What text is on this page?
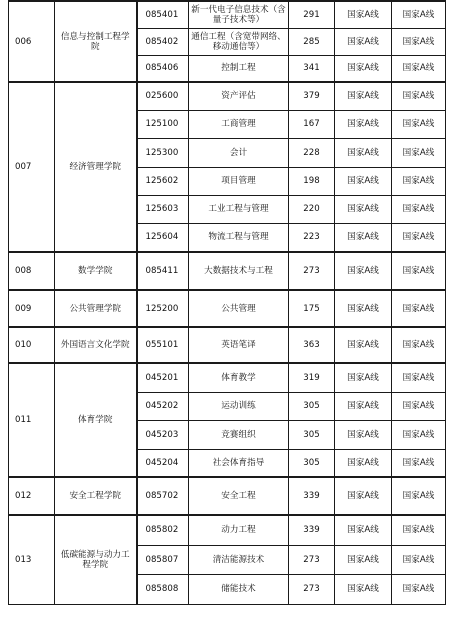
006	信息与控制工程学院	085401	新一代电子信息技术（含量子技术等）	291	国家A线	国家A线
		085402	通信工程（含宽带网络、移动通信等）	285	国家A线	国家A线
		085406	控制工程	341	国家A线	国家A线
007	经济管理学院	025600	资产评估	379	国家A线	国家A线
		125100	工商管理	167	国家A线	国家A线
		125300	会计	228	国家A线	国家A线
		125602	项目管理	198	国家A线	国家A线
		125603	工业工程与管理	220	国家A线	国家A线
		125604	物流工程与管理	223	国家A线	国家A线
008	数学学院	085411	大数据技术与工程	273	国家A线	国家A线
009	公共管理学院	125200	公共管理	175	国家A线	国家A线
010	外国语言文化学院	055101	英语笔译	363	国家A线	国家A线
011	体育学院	045201	体育教学	319	国家A线	国家A线
		045202	运动训练	305	国家A线	国家A线
		045203	竞赛组织	305	国家A线	国家A线
		045204	社会体育指导	305	国家A线	国家A线
012	安全工程学院	085702	安全工程	339	国家A线	国家A线
013	低碳能源与动力工程学院	085802	动力工程	339	国家A线	国家A线
		085807	清洁能源技术	273	国家A线	国家A线
		085808	储能技术	273	国家A线	国家A线
